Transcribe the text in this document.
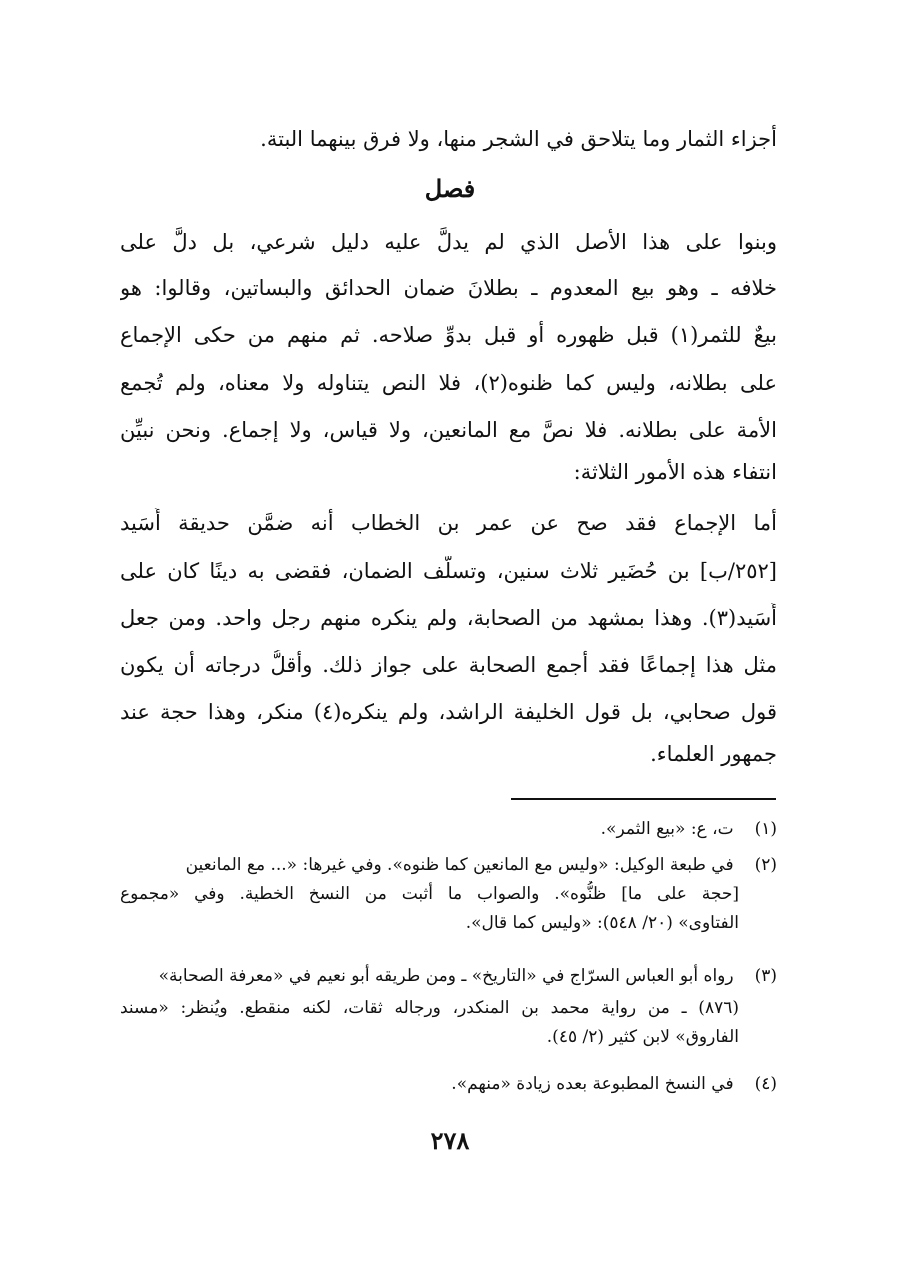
أجزاء الثمار وما يتلاحق في الشجر منها، ولا فرق بينهما البتة.
فصل
وبنوا على هذا الأصل الذي لم يدلَّ عليه دليل شرعي، بل دلَّ على
خلافه ـ وهو بيع المعدوم ـ بطلانَ ضمان الحدائق والبساتين، وقالوا: هو
بيعٌ للثمر(١) قبل ظهوره أو قبل بدوِّ صلاحه. ثم منهم من حكى الإجماع
على بطلانه، وليس كما ظنوه(٢)، فلا النص يتناوله ولا معناه، ولم تُجمع
الأمة على بطلانه. فلا نصَّ مع المانعين، ولا قياس، ولا إجماع. ونحن نبيِّن
انتفاء هذه الأمور الثلاثة:
أما الإجماع فقد صح عن عمر بن الخطاب أنه ضمَّن حديقة أُسَيد
[٢٥٢/ب] بن حُضَير ثلاث سنين، وتسلَّف الضمان، فقضى به دينًا كان على
أُسَيد(٣). وهذا بمشهد من الصحابة، ولم ينكره منهم رجل واحد. ومن جعل
مثل هذا إجماعًا فقد أجمع الصحابة على جواز ذلك. وأقلُّ درجاته أن يكون
قول صحابي، بل قول الخليفة الراشد، ولم ينكره(٤) منكر، وهذا حجة عند
جمهور العلماء.
(١) ت، ع: «بيع الثمر».
(٢) في طبعة الوكيل: «وليس مع المانعين كما ظنوه». وفي غيرها: «... مع المانعين
[حجة على ما] ظنُّوه». والصواب ما أثبت من النسخ الخطية. وفي «مجموع
الفتاوى» (٢٠/ ٥٤٨): «وليس كما قال».
(٣) رواه أبو العباس السرّاج في «التاريخ» ـ ومن طريقه أبو نعيم في «معرفة الصحابة»
(٨٧٦) ـ من رواية محمد بن المنكدر، ورجاله ثقات، لكنه منقطع. ويُنظر: «مسند
الفاروق» لابن كثير (٢/ ٤٥).
(٤) في النسخ المطبوعة بعده زيادة «منهم».
٢٧٨
